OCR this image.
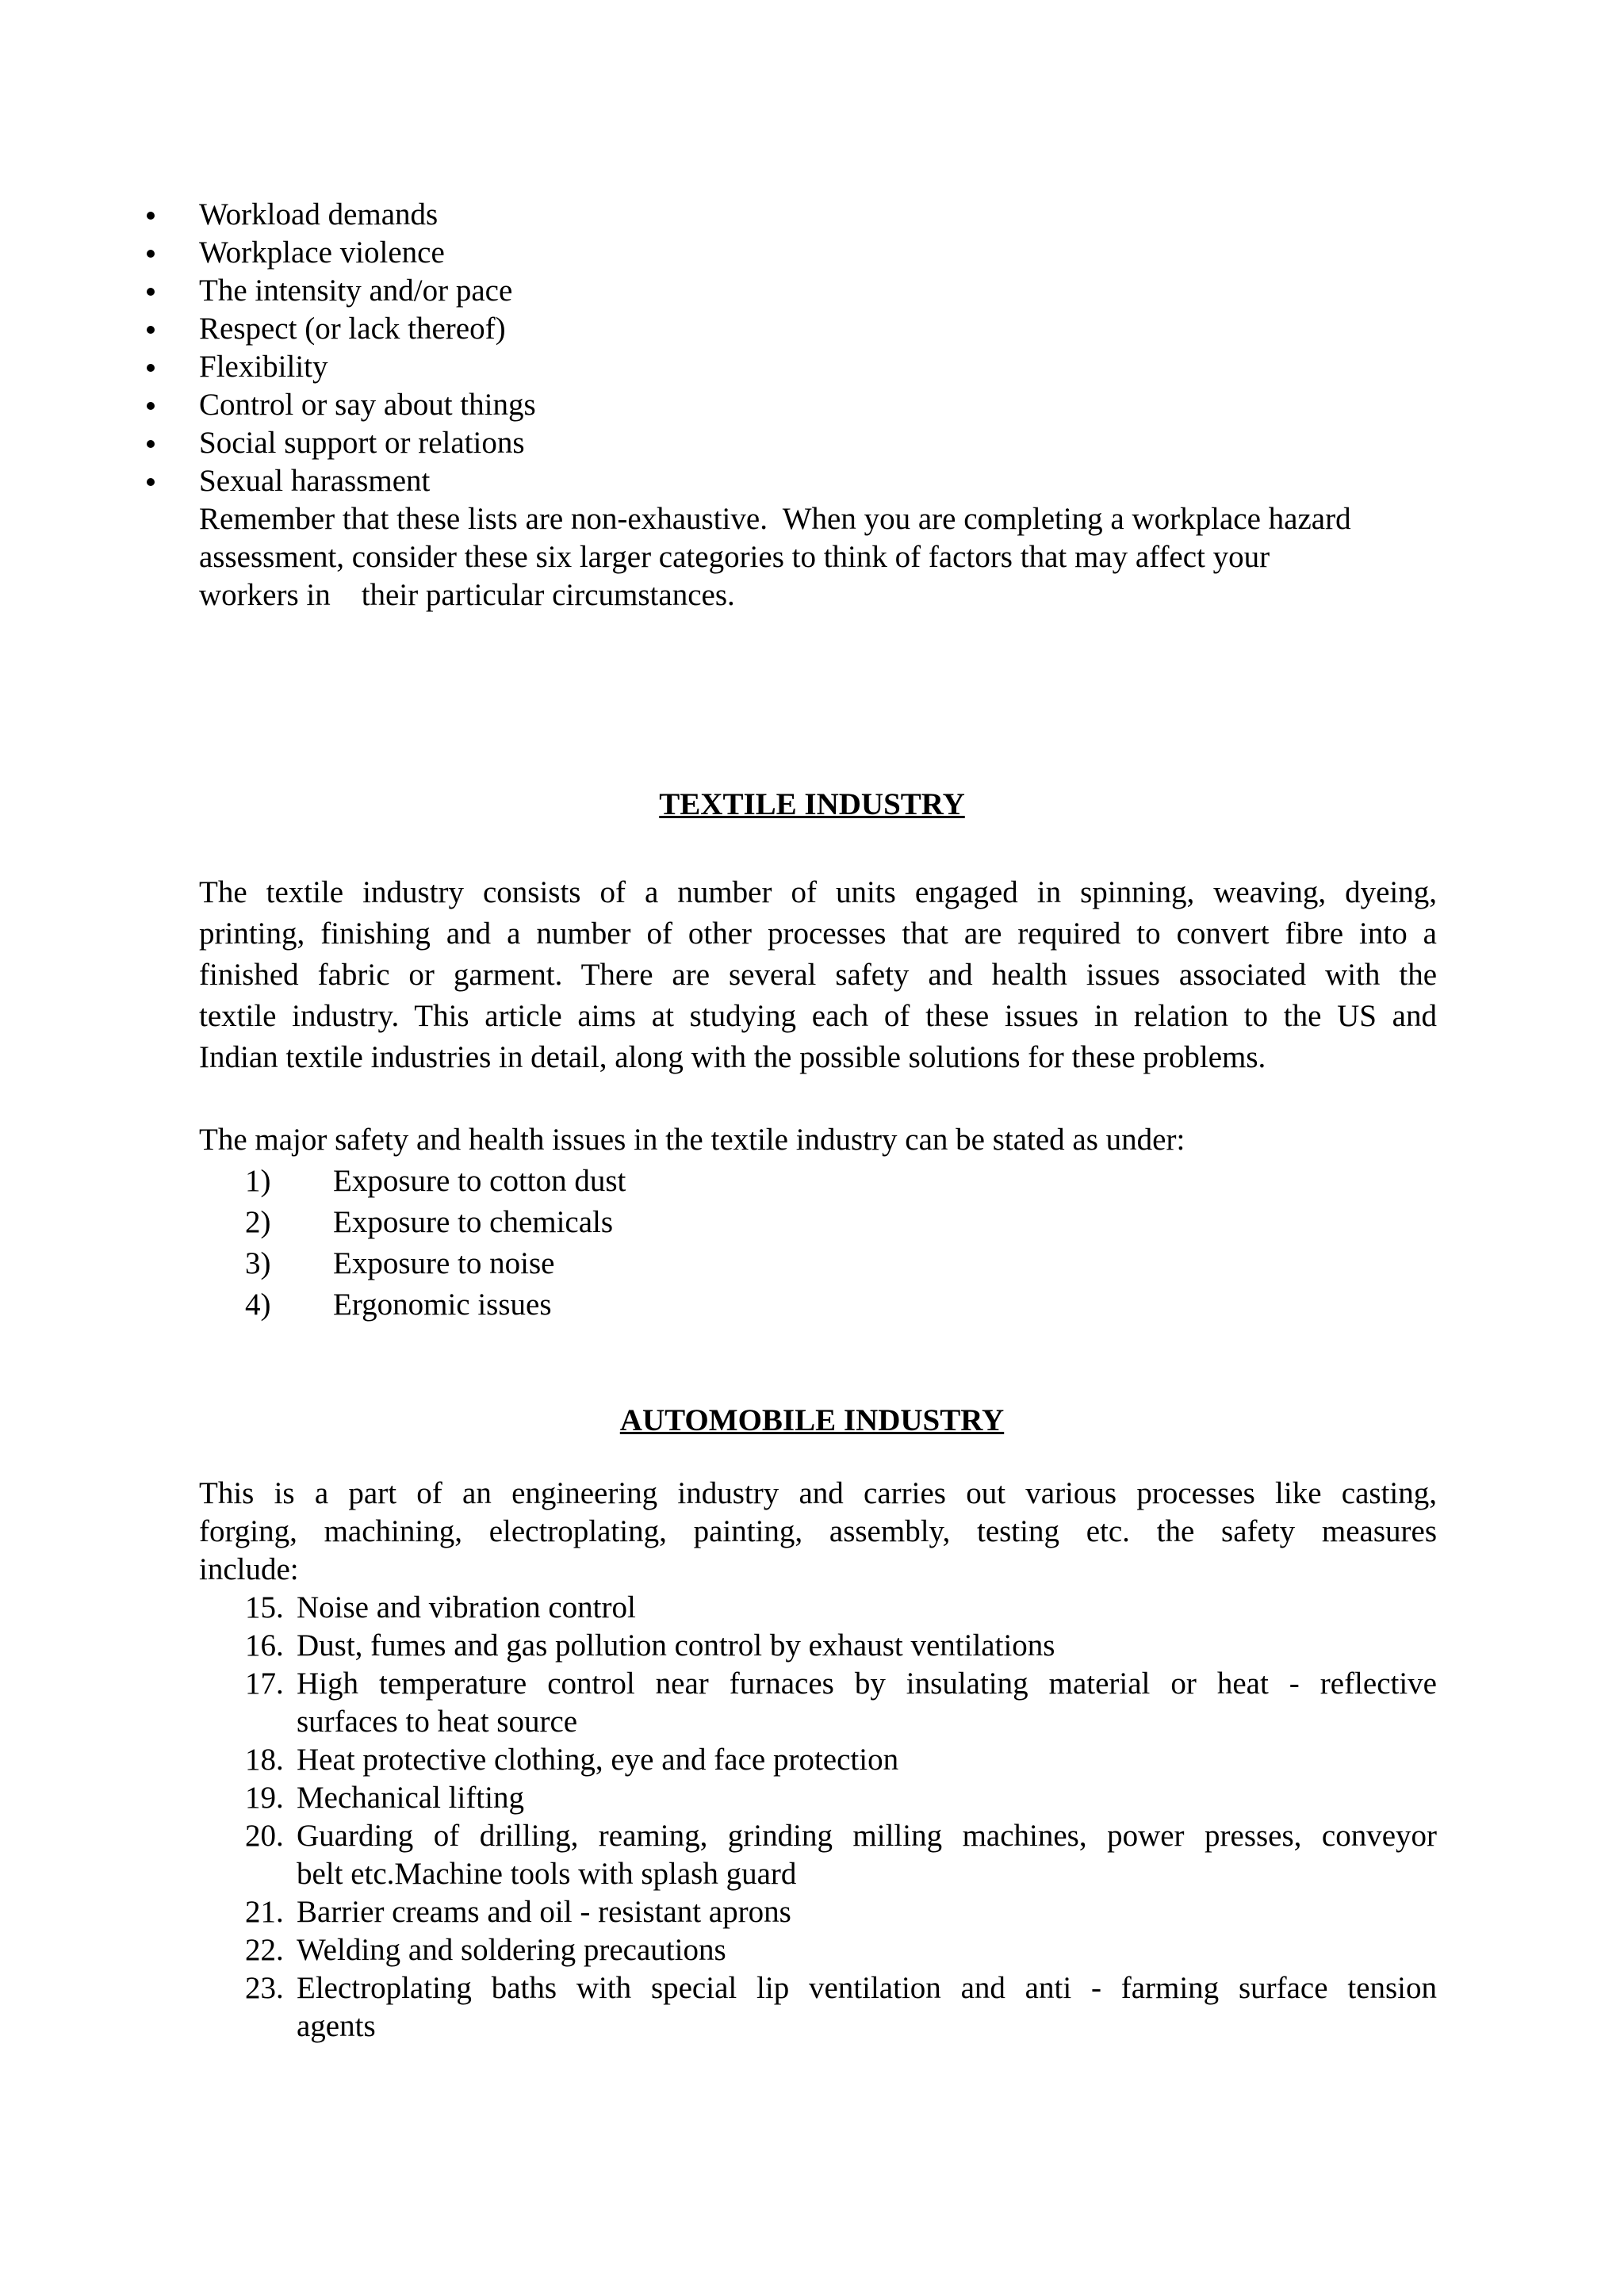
Workload demands
Workplace violence
The intensity and/or pace
Respect (or lack thereof)
Flexibility
Control or say about things
Social support or relations
Sexual harassment

Remember that these lists are non-exhaustive.  When you are completing a workplace hazard
assessment, consider these six larger categories to think of factors that may affect your
workers in    their particular circumstances.

TEXTILE INDUSTRY

The textile industry consists of a number of units engaged in spinning, weaving, dyeing,
printing, finishing and a number of other processes that are required to convert fibre into a
finished fabric or garment. There are several safety and health issues associated with the
textile industry. This article aims at studying each of these issues in relation to the US and
Indian textile industries in detail, along with the possible solutions for these problems.

The major safety and health issues in the textile industry can be stated as under:

1) Exposure to cotton dust
2) Exposure to chemicals
3) Exposure to noise
4) Ergonomic issues
AUTOMOBILE INDUSTRY

This is a part of an engineering industry and carries out various processes like casting,
forging, machining, electroplating, painting, assembly, testing etc. the safety measures
include:

15. Noise and vibration control
16. Dust, fumes and gas pollution control by exhaust ventilations
17. High temperature control near furnaces by insulating material or heat - reflective
surfaces to heat source
18. Heat protective clothing, eye and face protection
19. Mechanical lifting
20. Guarding of drilling, reaming, grinding milling machines, power presses, conveyor
belt etc.Machine tools with splash guard
21. Barrier creams and oil - resistant aprons
22. Welding and soldering precautions
23. Electroplating baths with special lip ventilation and anti - farming surface tension
agents
